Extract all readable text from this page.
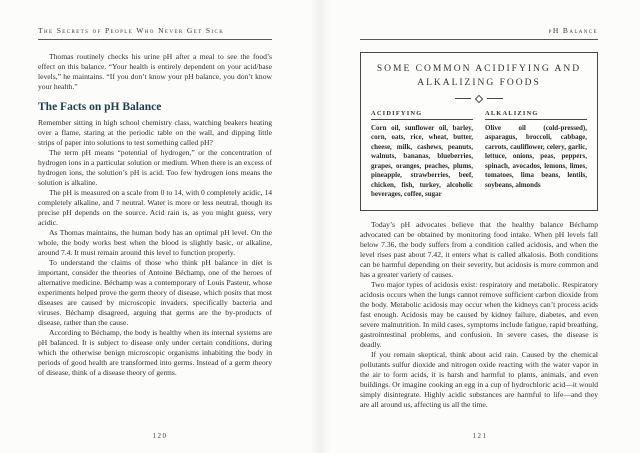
The Secrets of People Who Never Get Sick

Thomas routinely checks his urine pH after a meal to see the food’s effect on this balance. “Your health is entirely dependent on your acid/base levels,” he maintains. “If you don’t know your pH balance, you don’t know your health.”

The Facts on pH Balance

Remember sitting in high school chemistry class, watching beakers heating over a flame, staring at the periodic table on the wall, and dipping little strips of paper into solutions to test something called pH?

The term pH means “potential of hydrogen,” or the concentration of hydrogen ions in a particular solution or medium. When there is an excess of hydrogen ions, the solution’s pH is acid. Too few hydrogen ions means the solution is alkaline.

The pH is measured on a scale from 0 to 14, with 0 completely acidic, 14 completely alkaline, and 7 neutral. Water is more or less neutral, though its precise pH depends on the source. Acid rain is, as you might guess, very acidic.

As Thomas maintains, the human body has an optimal pH level. On the whole, the body works best when the blood is slightly basic, or alkaline, around 7.4. It must remain around this level to function properly.

To understand the claims of those who think pH balance in diet is important, consider the theories of Antoine Béchamp, one of the heroes of alternative medicine. Béchamp was a contemporary of Louis Pasteur, whose experiments helped prove the germ theory of disease, which posits that most diseases are caused by microscopic invaders, specifically bacteria and viruses. Béchamp disagreed, arguing that germs are the by-products of disease, rather than the cause.

According to Béchamp, the body is healthy when its internal systems are pH balanced. It is subject to disease only under certain conditions, during which the otherwise benign microscopic organisms inhabiting the body in periods of good health are transformed into germs. Instead of a germ theory of disease, think of a disease theory of germs.

120
pH Balance
SOME COMMON ACIDIFYING AND ALKALIZING FOODS
ACIDIFYING
Corn oil, sunflower oil, barley, corn, oats, rice, wheat, butter, cheese, milk, cashews, peanuts, walnuts, bananas, blueberries, grapes, oranges, peaches, plums, pineapple, strawberries, beef, chicken, fish, turkey, alcoholic beverages, coffee, sugar
ALKALIZING
Olive oil (cold-pressed), asparagus, broccoli, cabbage, carrots, cauliflower, celery, garlic, lettuce, onions, peas, peppers, spinach, avocados, lemons, limes, tomatoes, lima beans, lentils, soybeans, almonds

Today’s pH advocates believe that the healthy balance Béchamp advocated can be obtained by monitoring food intake. When pH levels fall below 7.36, the body suffers from a condition called acidosis, and when the level rises past about 7.42, it enters what is called alkalosis. Both conditions can be harmful depending on their severity, but acidosis is more common and has a greater variety of causes.

Two major types of acidosis exist: respiratory and metabolic. Respiratory acidosis occurs when the lungs cannot remove sufficient carbon dioxide from the body. Metabolic acidosis may occur when the kidneys can’t process acids fast enough. Acidosis may be caused by kidney failure, diabetes, and even severe malnutrition. In mild cases, symptoms include fatigue, rapid breathing, gastrointestinal problems, and confusion. In severe cases, the disease is deadly.

If you remain skeptical, think about acid rain. Caused by the chemical pollutants sulfur dioxide and nitrogen oxide reacting with the water vapor in the air to form acids, it is harsh and harmful to plants, animals, and even buildings. Or imagine cooking an egg in a cup of hydrochloric acid—it would simply disintegrate. Highly acidic substances are harmful to life—and they are all around us, affecting us all the time.

121
